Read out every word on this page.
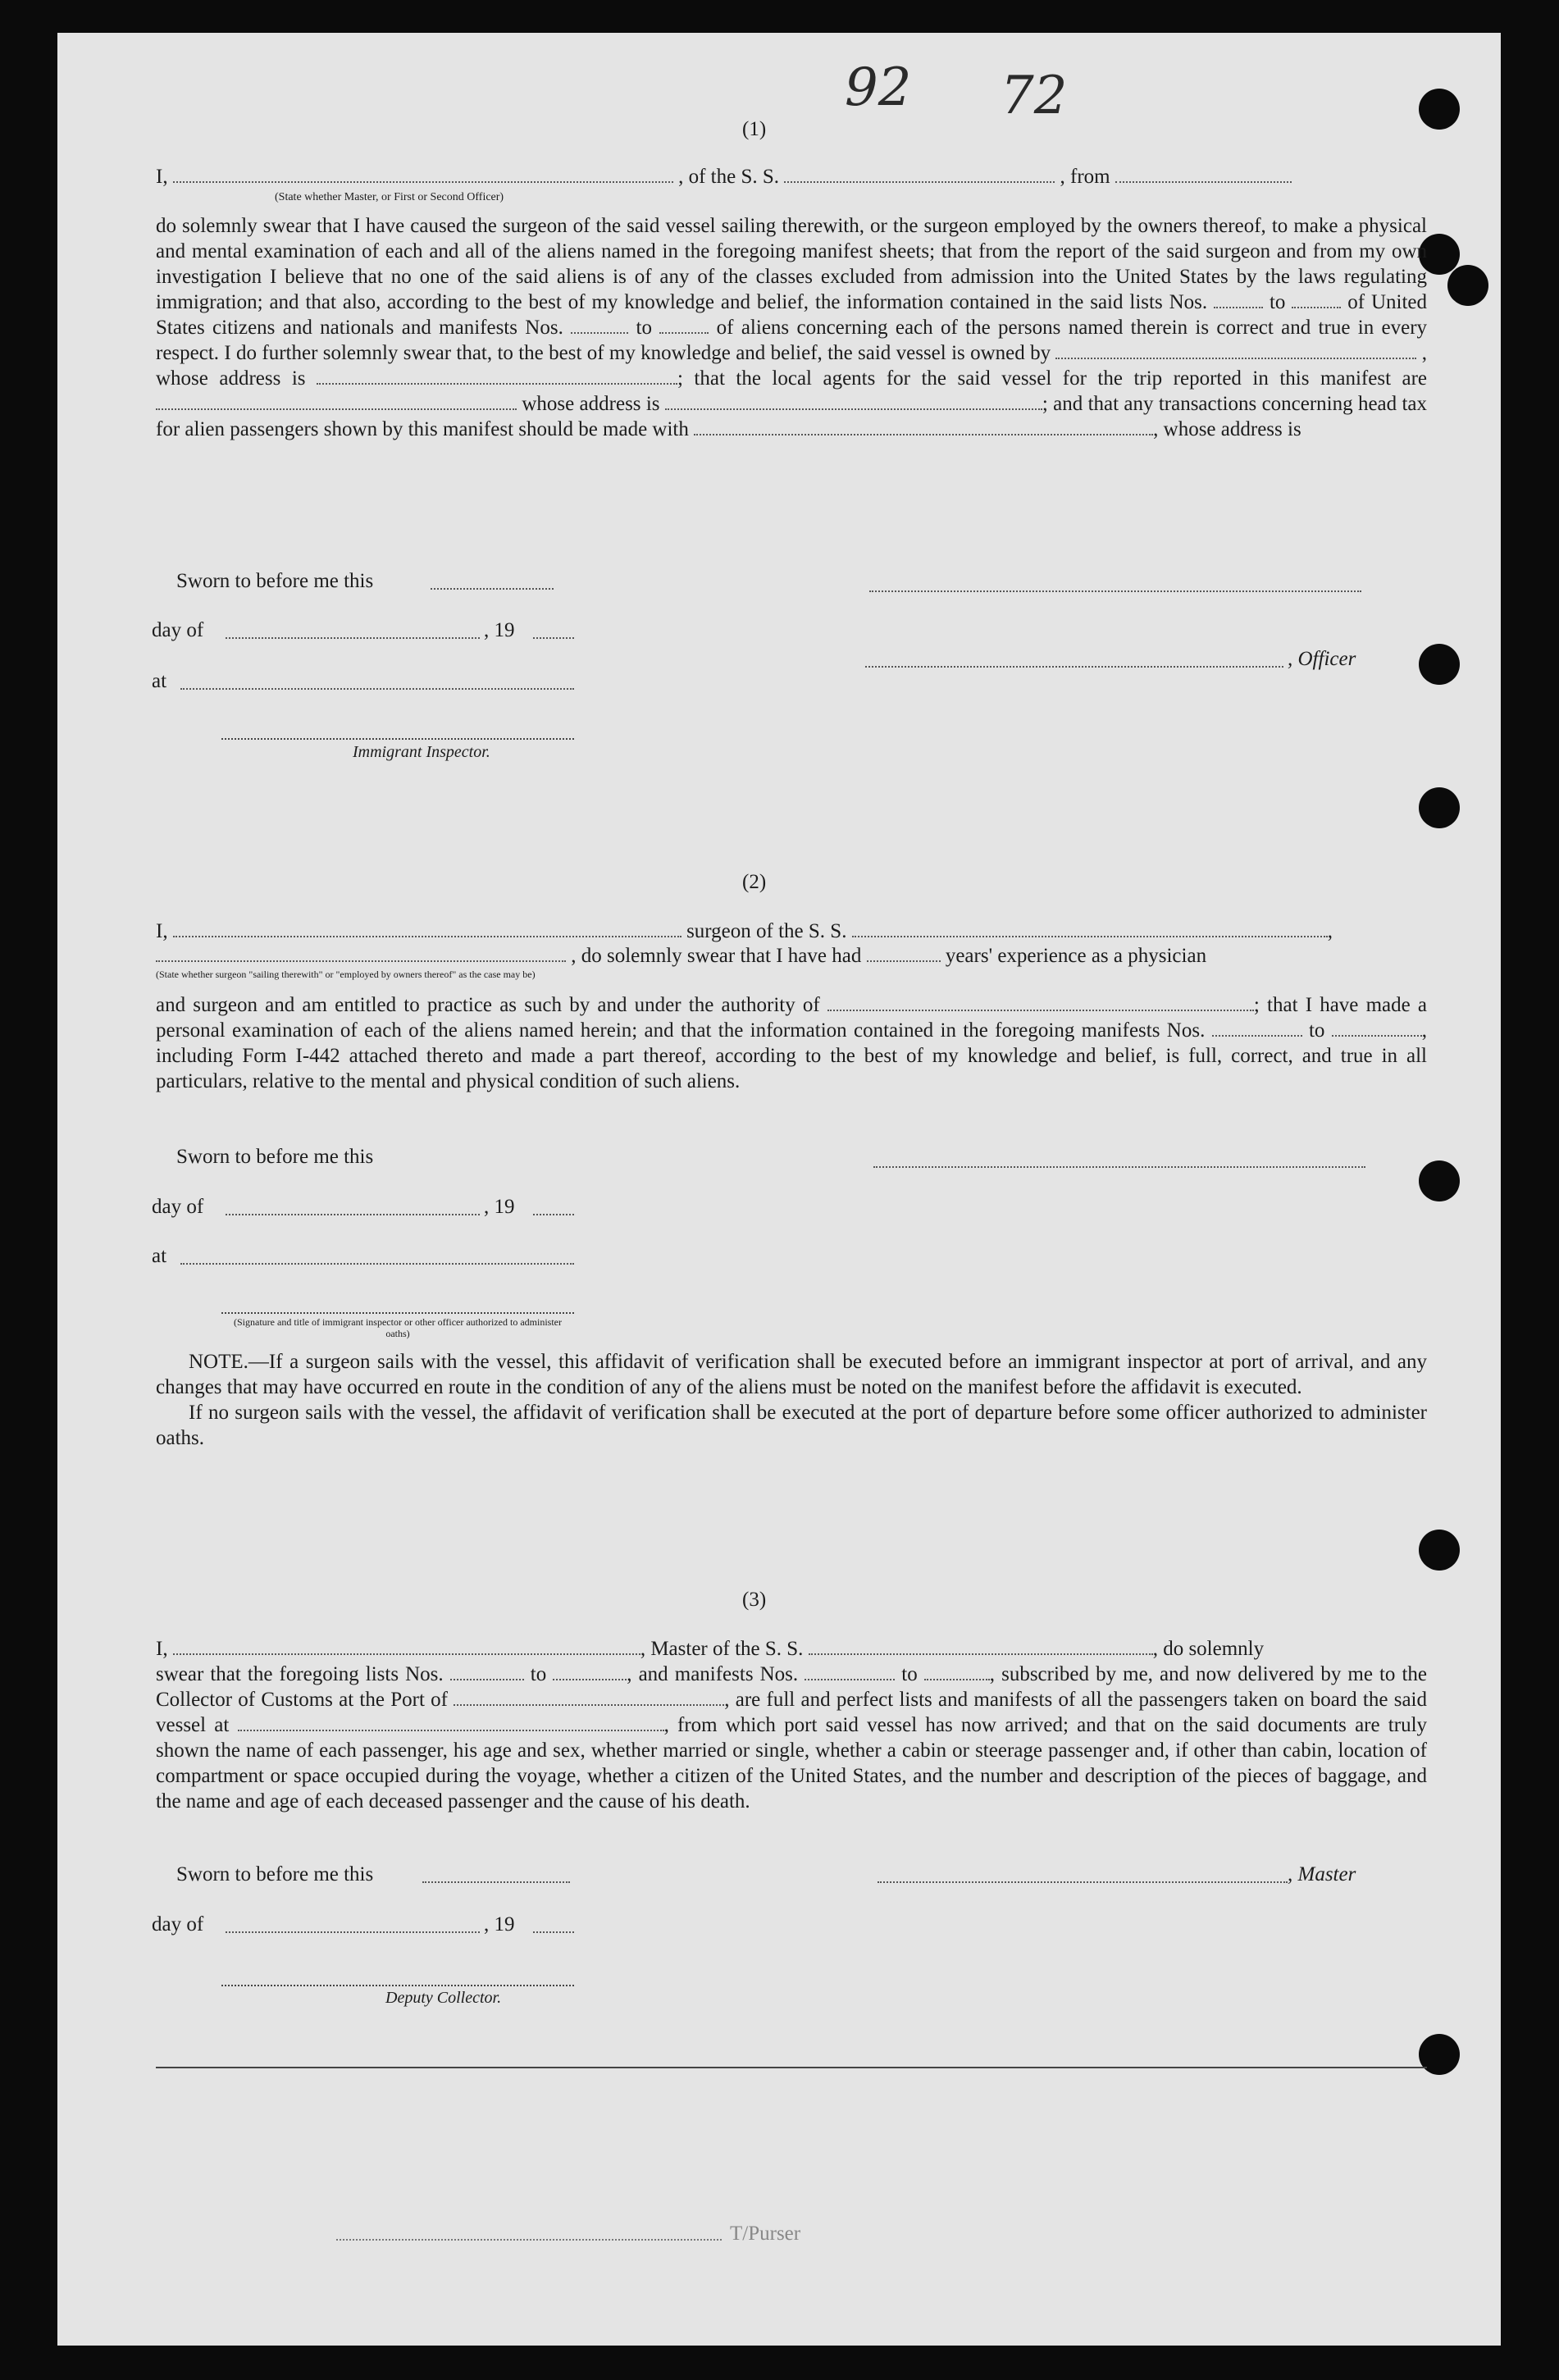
92 72
(1)
I,	, of the S. S.	, from
(State whether Master, or First or Second Officer)

do solemnly swear that I have caused the surgeon of the said vessel sailing therewith, or the surgeon employed by the owners thereof, to make a physical and mental examination of each and all of the aliens named in the foregoing manifest sheets; that from the report of the said surgeon and from my own investigation I believe that no one of the said aliens is of any of the classes excluded from admission into the United States by the laws regulating immigration; and that also, according to the best of my knowledge and belief, the information contained in the said lists Nos.	to	of United States citizens and nationals and manifests Nos.	to	of aliens concerning each of the persons named therein is correct and true in every respect. I do further solemnly swear that, to the best of my knowledge and belief, the said vessel is owned by	, whose address is	; that the local agents for the said vessel for the trip reported in this manifest are  whose address is	; and that any transactions concerning head tax for alien passengers shown by this manifest should be made with	, whose address is

Sworn to before me this
day of	, 19
, Officer
at
Immigrant Inspector.
(2)
I,	surgeon of the S. S.	,
, do solemnly swear that I have had	years' experience as a physician
(State whether surgeon "sailing therewith" or "employed by owners thereof" as the case may be)

and surgeon and am entitled to practice as such by and under the authority of	; that I have made a personal examination of each of the aliens named herein; and that the information contained in the foregoing manifests Nos.	to	, including Form I-442 attached thereto and made a part thereof, according to the best of my knowledge and belief, is full, correct, and true in all particulars, relative to the mental and physical condition of such aliens.

Sworn to before me this
day of	, 19
at
(Signature and title of immigrant inspector or other officer authorized to administer oaths)

NOTE.—If a surgeon sails with the vessel, this affidavit of verification shall be executed before an immigrant inspector at port of arrival, and any changes that may have occurred en route in the condition of any of the aliens must be noted on the manifest before the affidavit is executed.

If no surgeon sails with the vessel, the affidavit of verification shall be executed at the port of departure before some officer authorized to administer oaths.

(3)
I,	, Master of the S. S.	, do solemnly

swear that the foregoing lists Nos.	to	, and manifests Nos.	to	, subscribed by me, and now delivered by me to the Collector of Customs at the Port of	, are full and perfect lists and manifests of all the passengers taken on board the said vessel at	, from which port said vessel has now arrived; and that on the said documents are truly shown the name of each passenger, his age and sex, whether married or single, whether a cabin or steerage passenger and, if other than cabin, location of compartment or space occupied during the voyage, whether a citizen of the United States, and the number and description of the pieces of baggage, and the name and age of each deceased passenger and the cause of his death.

Sworn to before me this	, Master
day of	, 19
Deputy Collector.
T/Purser
